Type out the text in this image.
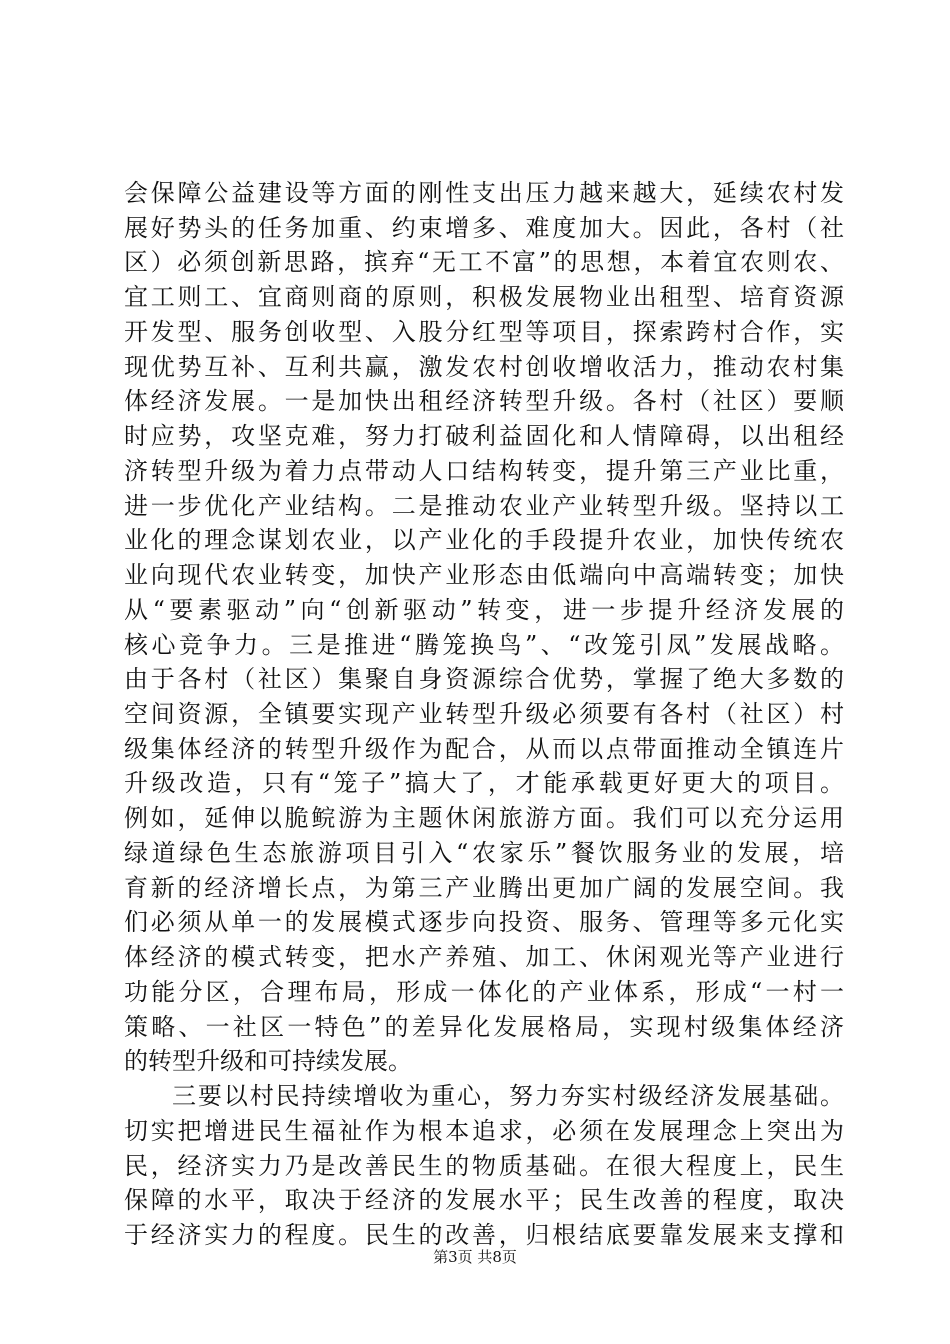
会保障公益建设等方面的刚性支出压力越来越大，延续农村发
展好势头的任务加重、约束增多、难度加大。因此，各村（社
区）必须创新思路，摈弃“无工不富”的思想，本着宜农则农、
宜工则工、宜商则商的原则，积极发展物业出租型、培育资源
开发型、服务创收型、入股分红型等项目，探索跨村合作，实
现优势互补、互利共赢，激发农村创收增收活力，推动农村集
体经济发展。一是加快出租经济转型升级。各村（社区）要顺
时应势，攻坚克难，努力打破利益固化和人情障碍，以出租经
济转型升级为着力点带动人口结构转变，提升第三产业比重，
进一步优化产业结构。二是推动农业产业转型升级。坚持以工
业化的理念谋划农业，以产业化的手段提升农业，加快传统农
业向现代农业转变，加快产业形态由低端向中高端转变；加快
从“要素驱动”向“创新驱动”转变，进一步提升经济发展的
核心竞争力。三是推进“腾笼换鸟”、“改笼引凤”发展战略。
由于各村（社区）集聚自身资源综合优势，掌握了绝大多数的
空间资源，全镇要实现产业转型升级必须要有各村（社区）村
级集体经济的转型升级作为配合，从而以点带面推动全镇连片
升级改造，只有“笼子”搞大了，才能承载更好更大的项目。
例如，延伸以脆鲩游为主题休闲旅游方面。我们可以充分运用
绿道绿色生态旅游项目引入“农家乐”餐饮服务业的发展，培
育新的经济增长点，为第三产业腾出更加广阔的发展空间。我
们必须从单一的发展模式逐步向投资、服务、管理等多元化实
体经济的模式转变，把水产养殖、加工、休闲观光等产业进行
功能分区，合理布局，形成一体化的产业体系，形成“一村一
策略、一社区一特色”的差异化发展格局，实现村级集体经济
的转型升级和可持续发展。
三要以村民持续增收为重心，努力夯实村级经济发展基础。
切实把增进民生福祉作为根本追求，必须在发展理念上突出为
民，经济实力乃是改善民生的物质基础。在很大程度上，民生
保障的水平，取决于经济的发展水平；民生改善的程度，取决
于经济实力的程度。民生的改善，归根结底要靠发展来支撑和
第3页 共8页
